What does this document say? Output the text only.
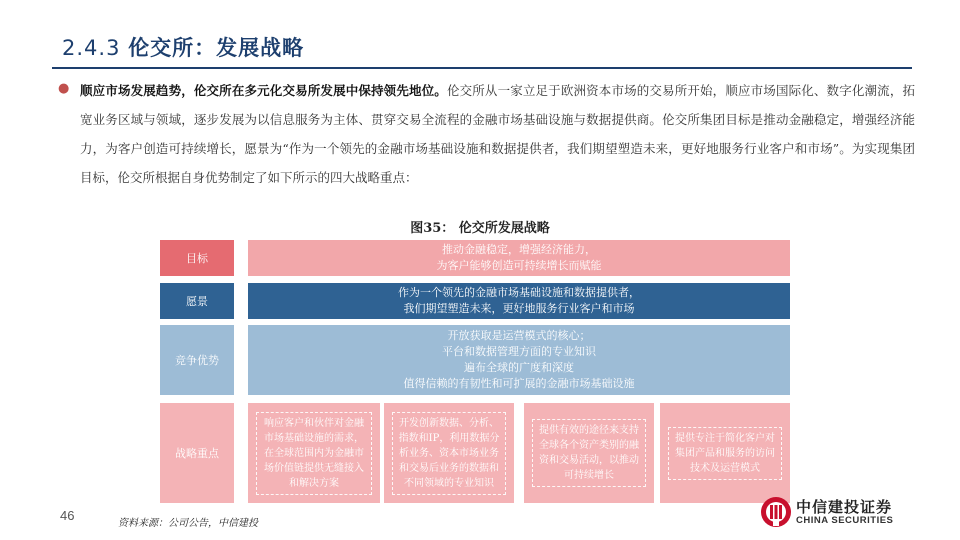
2.4.3 伦交所：发展战略
● 顺应市场发展趋势，伦交所在多元化交易所发展中保持领先地位。伦交所从一家立足于欧洲资本市场的交易所开始，顺应市场国际化、数字化潮流，拓宽业务区域与领域，逐步发展为以信息服务为主体、贯穿交易全流程的金融市场基础设施与数据提供商。伦交所集团目标是推动金融稳定，增强经济能力，为客户创造可持续增长，愿景为“作为一个领先的金融市场基础设施和数据提供者，我们期望塑造未来，更好地服务行业客户和市场”。为实现集团目标，伦交所根据自身优势制定了如下所示的四大战略重点：

图35： 伦交所发展战略
目标
推动金融稳定，增强经济能力，
为客户能够创造可持续增长而赋能
愿景
作为一个领先的金融市场基础设施和数据提供者，
我们期望塑造未来，更好地服务行业客户和市场
竞争优势
开放获取是运营模式的核心；
平台和数据管理方面的专业知识
遍布全球的广度和深度
值得信赖的有韧性和可扩展的金融市场基础设施
战略重点
响应客户和伙伴对金融市场基础设施的需求，在全球范围内为金融市场价值链提供无缝接入和解决方案
开发创新数据、分析、指数和IP，利用数据分析业务、资本市场业务和交易后业务的数据和不同领域的专业知识
提供有效的途径来支持全球各个资产类别的融资和交易活动，以推动可持续增长
提供专注于简化客户对集团产品和服务的访问技术及运营模式
46
资料来源：公司公告，中信建投
中信建投证券
CHINA SECURITIES
